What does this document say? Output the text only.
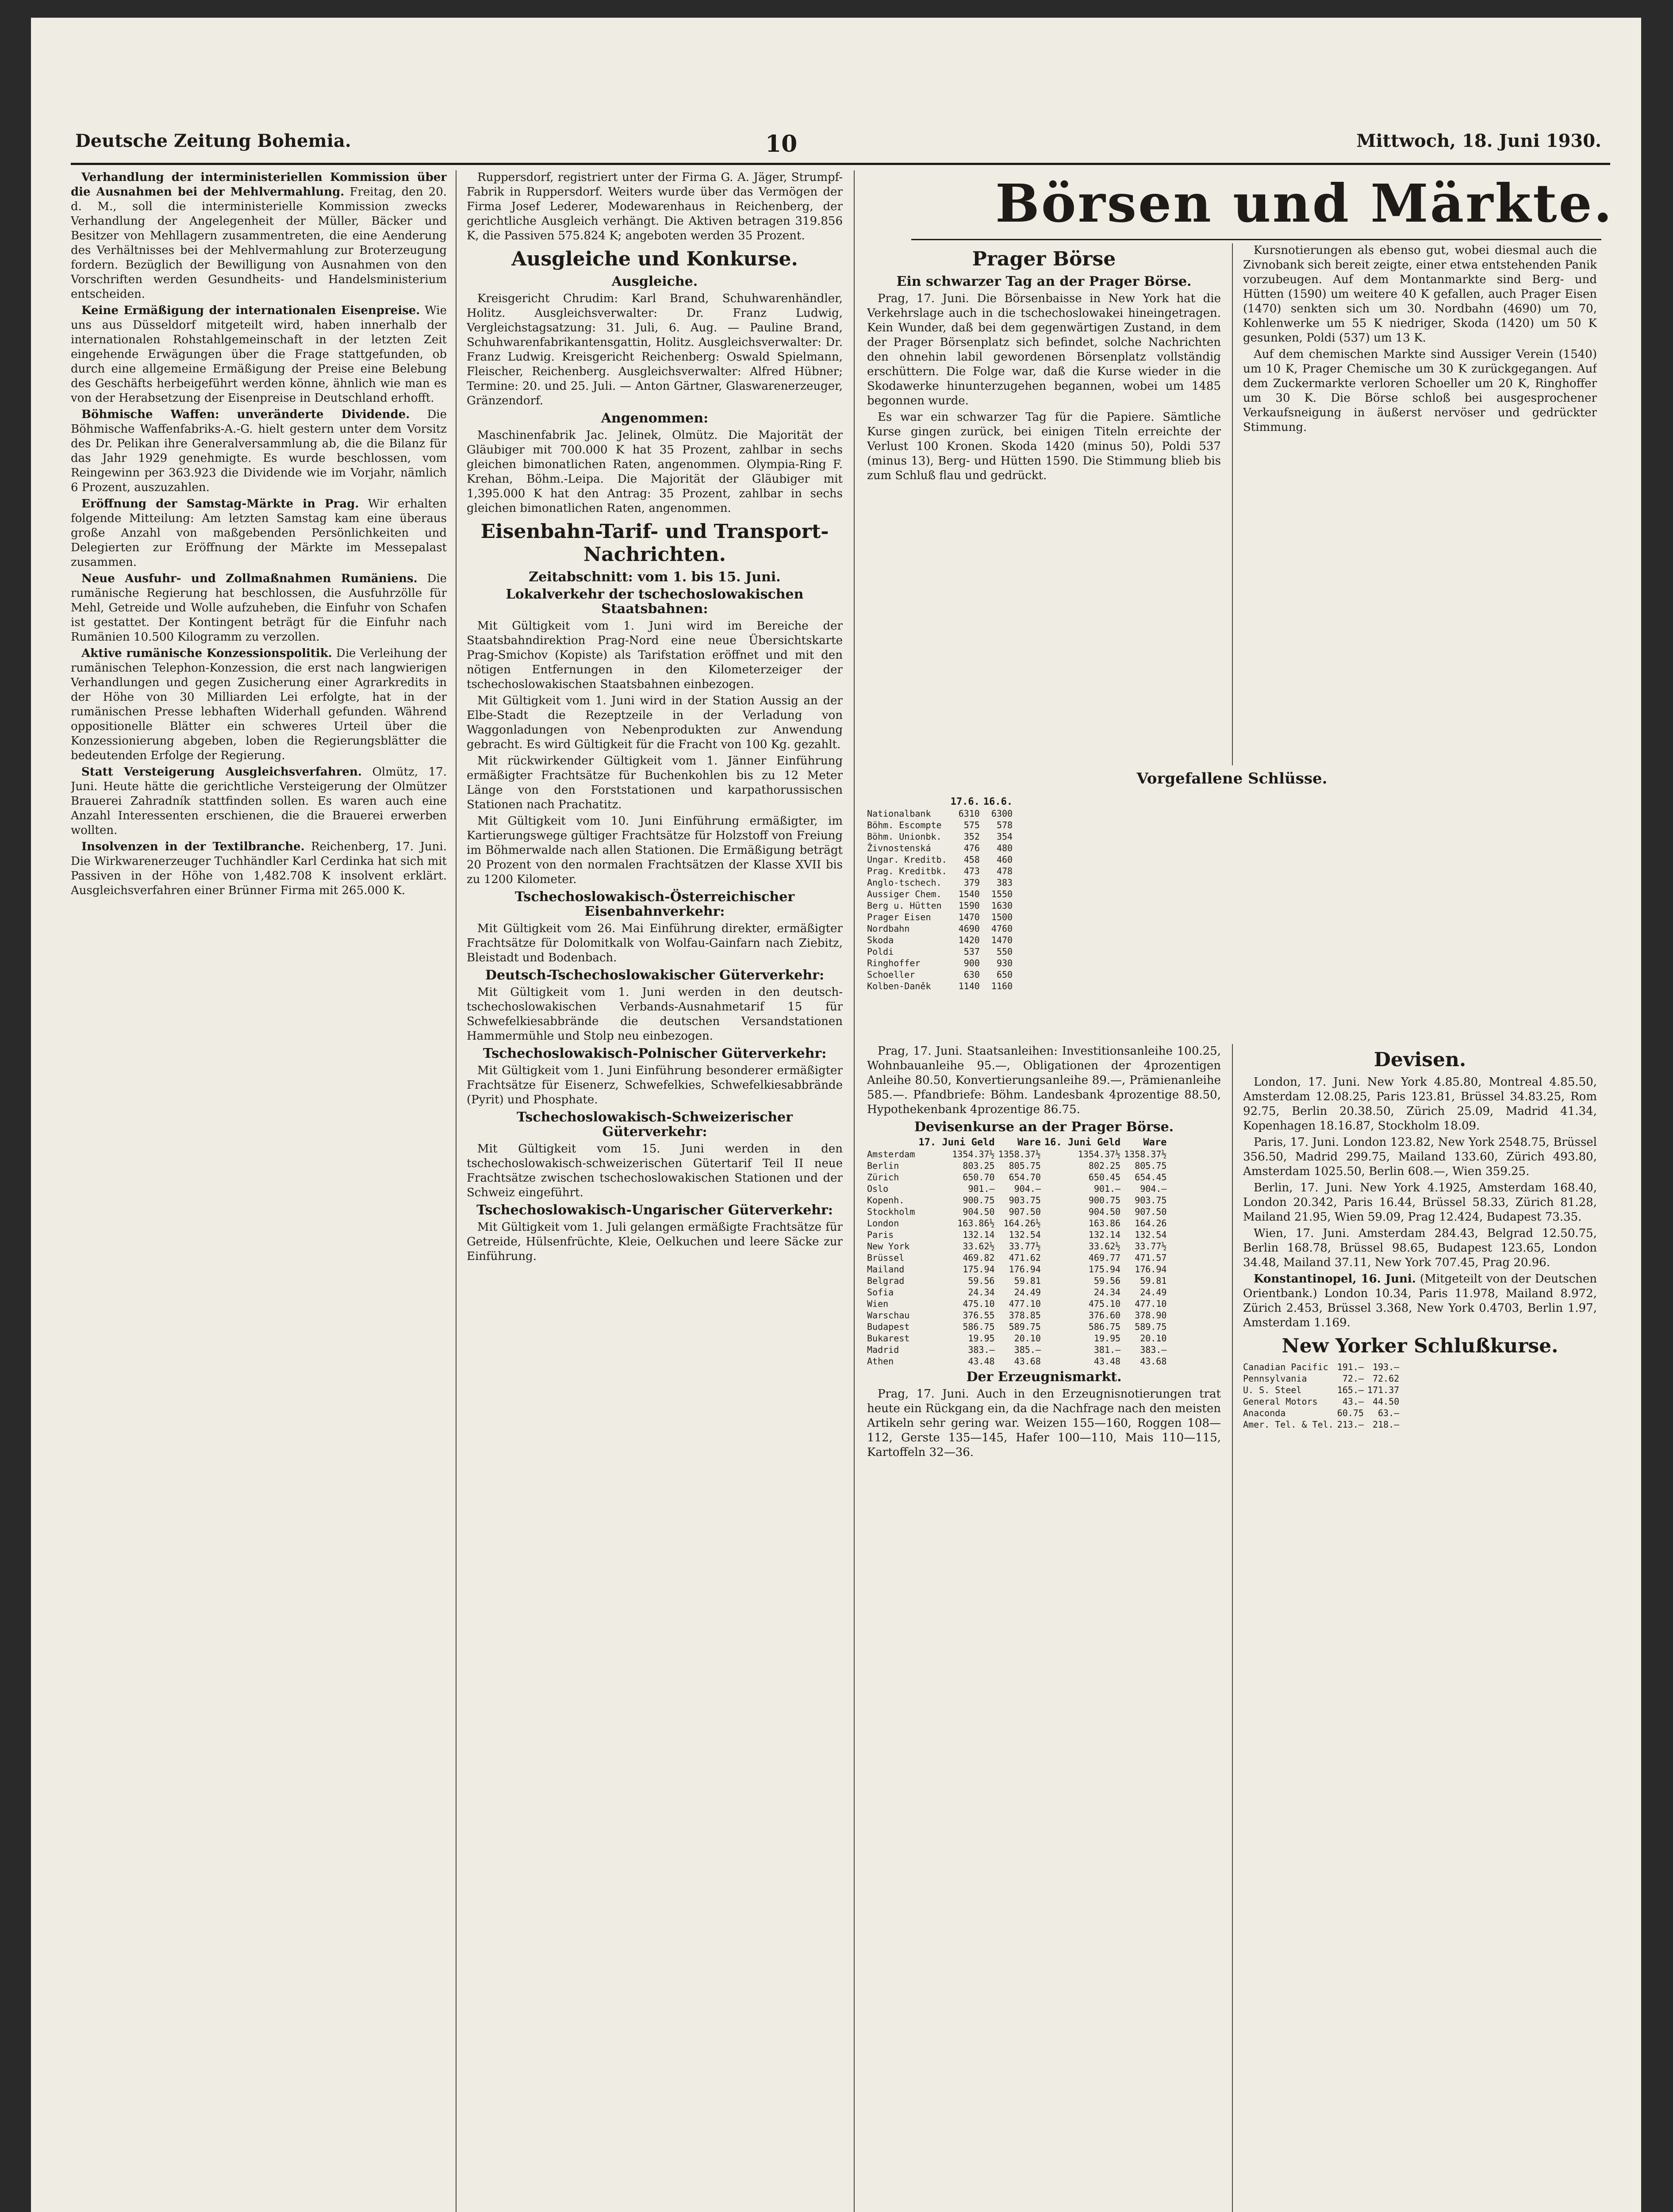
Deutsche Zeitung Bohemia.	10	Mittwoch, 18. Juni 1930.

Verhandlung der interministeriellen Kommission über die Ausnahmen bei der Mehlvermahlung. Freitag, den 20. d. M., soll die interministerielle Kommission zwecks Verhandlung der Angelegenheit der Müller, Bäcker und Besitzer von Mehllagern zusammentreten, die eine Aenderung des Verhältnisses bei der Mehlvermahlung zur Broterzeugung fordern. Bezüglich der Bewilligung von Ausnahmen von den Vorschriften werden Gesundheits- und Handelsministerium entscheiden.

Keine Ermäßigung der internationalen Eisenpreise. Wie uns aus Düsseldorf mitgeteilt wird, haben innerhalb der internationalen Rohstahlgemeinschaft in der letzten Zeit eingehende Erwägungen über die Frage stattgefunden, ob durch eine allgemeine Ermäßigung der Preise eine Belebung des Geschäfts herbeigeführt werden könne, ähnlich wie man es von der Herabsetzung der Eisenpreise in Deutschland erhofft.

Böhmische Waffen: unveränderte Dividende. Die Böhmische Waffenfabriks-A.-G. hielt gestern unter dem Vorsitz des Dr. Pelikan ihre Generalversammlung ab, die die Bilanz für das Jahr 1929 genehmigte. Es wurde beschlossen, vom Reingewinn per 363.923 die Dividende wie im Vorjahr, nämlich 6 Prozent, auszuzahlen.

Eröffnung der Samstag-Märkte in Prag. Wir erhalten folgende Mitteilung: Am letzten Samstag kam eine überaus große Anzahl von maßgebenden Persönlichkeiten und Delegierten zur Eröffnung der Märkte im Messepalast zusammen.

Neue Ausfuhr- und Zollmaßnahmen Rumäniens. Die rumänische Regierung hat beschlossen, die Ausfuhrzölle für Mehl, Getreide und Wolle aufzuheben, die Einfuhr von Schafen ist gestattet. Der Kontingent beträgt für die Einfuhr nach Rumänien 10.500 Kilogramm zu verzollen.

Aktive rumänische Konzessionspolitik. Die Verleihung der rumänischen Telephon-Konzession, die erst nach langwierigen Verhandlungen und gegen Zusicherung einer Agrarkredits in der Höhe von 30 Milliarden Lei erfolgte, hat in der rumänischen Presse lebhaften Widerhall gefunden. Während oppositionelle Blätter ein schweres Urteil über die Konzessionierung abgeben, loben die Regierungsblätter die bedeutenden Erfolge der Regierung.

Statt Versteigerung Ausgleichsverfahren. Olmütz, 17. Juni. Heute hätte die gerichtliche Versteigerung der Olmützer Brauerei Zahradník stattfinden sollen. Es waren auch eine Anzahl Interessenten erschienen, die die Brauerei erwerben wollten.

Insolvenzen in der Textilbranche. Reichenberg, 17. Juni. Die Wirkwarenerzeuger Tuchhändler Karl Cerdinka hat sich mit Passiven in der Höhe von 1,482.708 K insolvent erklärt. Ausgleichsverfahren einer Brünner Firma mit 265.000 K.

Ruppersdorf, registriert unter der Firma G. A. Jäger, Strumpf-Fabrik in Ruppersdorf. Weiters wurde über das Vermögen der Firma Josef Lederer, Modewarenhaus in Reichenberg, der gerichtliche Ausgleich verhängt. Die Aktiven betragen 319.856 K, die Passiven 575.824 K; angeboten werden 35 Prozent.

Ausgleiche und Konkurse.
Ausgleiche.

Kreisgericht Chrudim: Karl Brand, Schuhwarenhändler, Holitz. Ausgleichsverwalter: Dr. Franz Ludwig, Vergleichstagsatzung: 31. Juli, 6. Aug. — Pauline Brand, Schuhwarenfabrikantensgattin, Holitz. Ausgleichsverwalter: Dr. Franz Ludwig. Kreisgericht Reichenberg: Oswald Spielmann, Fleischer, Reichenberg. Ausgleichsverwalter: Alfred Hübner; Termine: 20. und 25. Juli. — Anton Gärtner, Glaswarenerzeuger, Gränzendorf.

Angenommen:

Maschinenfabrik Jac. Jelinek, Olmütz. Die Majorität der Gläubiger mit 700.000 K hat 35 Prozent, zahlbar in sechs gleichen bimonatlichen Raten, angenommen. Olympia-Ring F. Krehan, Böhm.-Leipa. Die Majorität der Gläubiger mit 1,395.000 K hat den Antrag: 35 Prozent, zahlbar in sechs gleichen bimonatlichen Raten, angenommen.

Eisenbahn-Tarif- und Transport-Nachrichten.
Zeitabschnitt: vom 1. bis 15. Juni.
Lokalverkehr der tschechoslowakischen Staatsbahnen:

Mit Gültigkeit vom 1. Juni wird im Bereiche der Staatsbahndirektion Prag-Nord eine neue Übersichtskarte Prag-Smichov (Kopiste) als Tarifstation eröffnet und mit den nötigen Entfernungen in den Kilometerzeiger der tschechoslowakischen Staatsbahnen einbezogen.

Mit Gültigkeit vom 1. Juni wird in der Station Aussig an der Elbe-Stadt die Rezeptzeile in der Verladung von Waggonladungen von Nebenprodukten zur Anwendung gebracht. Es wird Gültigkeit für die Fracht von 100 Kg. gezahlt.

Mit rückwirkender Gültigkeit vom 1. Jänner Einführung ermäßigter Frachtsätze für Buchenkohlen bis zu 12 Meter Länge von den Forststationen und karpathorussischen Stationen nach Prachatitz.

Mit Gültigkeit vom 10. Juni Einführung ermäßigter, im Kartierungswege gültiger Frachtsätze für Holzstoff von Freiung im Böhmerwalde nach allen Stationen. Die Ermäßigung beträgt 20 Prozent von den normalen Frachtsätzen der Klasse XVII bis zu 1200 Kilometer.

Tschechoslowakisch-Österreichischer Eisenbahnverkehr:

Mit Gültigkeit vom 26. Mai Einführung direkter, ermäßigter Frachtsätze für Dolomitkalk von Wolfau-Gainfarn nach Ziebitz, Bleistadt und Bodenbach.

Deutsch-Tschechoslowakischer Güterverkehr:

Mit Gültigkeit vom 1. Juni werden in den deutsch-tschechoslowakischen Verbands-Ausnahmetarif 15 für Schwefelkiesabbrände die deutschen Versandstationen Hammermühle und Stolp neu einbezogen.

Tschechoslowakisch-Polnischer Güterverkehr:

Mit Gültigkeit vom 1. Juni Einführung besonderer ermäßigter Frachtsätze für Eisenerz, Schwefelkies, Schwefelkiesabbrände (Pyrit) und Phosphate.

Tschechoslowakisch-Schweizerischer Güterverkehr:

Mit Gültigkeit vom 15. Juni werden in den tschechoslowakisch-schweizerischen Gütertarif Teil II neue Frachtsätze zwischen tschechoslowakischen Stationen und der Schweiz eingeführt.

Tschechoslowakisch-Ungarischer Güterverkehr:

Mit Gültigkeit vom 1. Juli gelangen ermäßigte Frachtsätze für Getreide, Hülsenfrüchte, Kleie, Oelkuchen und leere Säcke zur Einführung.

Börsen und Märkte.
Prager Börse
Ein schwarzer Tag an der Prager Börse.

Prag, 17. Juni. Die Börsenbaisse in New York hat die Verkehrslage auch in die tschechoslowakei hineingetragen. Kein Wunder, daß bei dem gegenwärtigen Zustand, in dem der Prager Börsenplatz sich befindet, solche Nachrichten den ohnehin labil gewordenen Börsenplatz vollständig erschüttern. Die Folge war, daß die Kurse wieder in die Skodawerke hinunterzugehen begannen, wobei um 1485 begonnen wurde.

Es war ein schwarzer Tag für die Papiere. Sämtliche Kurse gingen zurück, bei einigen Titeln erreichte der Verlust 100 Kronen. Skoda 1420 (minus 50), Poldi 537 (minus 13), Berg- und Hütten 1590. Die Stimmung blieb bis zum Schluß flau und gedrückt.

Kursnotierungen als ebenso gut, wobei diesmal auch die Zivnobank sich bereit zeigte, einer etwa entstehenden Panik vorzubeugen. Auf dem Montanmarkte sind Berg- und Hütten (1590) um weitere 40 K gefallen, auch Prager Eisen (1470) senkten sich um 30. Nordbahn (4690) um 70, Kohlenwerke um 55 K niedriger, Skoda (1420) um 50 K gesunken, Poldi (537) um 13 K.

Auf dem chemischen Markte sind Aussiger Verein (1540) um 10 K, Prager Chemische um 30 K zurückgegangen. Auf dem Zuckermarkte verloren Schoeller um 20 K, Ringhoffer um 30 K. Die Börse schloß bei ausgesprochener Verkaufsneigung in äußerst nervöser und gedrückter Stimmung.

Vorgefallene Schlüsse.
	17.6.	16.6.
Nationalbank	6310	6300
Böhm. Escompte	575	578
Böhm. Unionbk.	352	354
Živnostenská	476	480
Ungar. Kreditb.	458	460
Prag. Kreditbk.	473	478
Anglo-tschech.	379	383
Aussiger Chem.	1540	1550
Berg u. Hütten	1590	1630
Prager Eisen	1470	1500
Nordbahn	4690	4760
Skoda	1420	1470
Poldi	537	550
Ringhoffer	900	930
Schoeller	630	650
Kolben-Daněk	1140	1160

Prag, 17. Juni. Staatsanleihen: Investitionsanleihe 100.25, Wohnbauanleihe 95.—, Obligationen der 4prozentigen Anleihe 80.50, Konvertierungsanleihe 89.—, Prämienanleihe 585.—. Pfandbriefe: Böhm. Landesbank 4prozentige 88.50, Hypothekenbank 4prozentige 86.75.

Devisenkurse an der Prager Börse.
	17. Juni Geld	Ware	16. Juni Geld	Ware
Amsterdam	1354.37½	1358.37½	1354.37½	1358.37½
Berlin	803.25	805.75	802.25	805.75
Zürich	650.70	654.70	650.45	654.45
Oslo	901.—	904.—	901.—	904.—
Kopenh.	900.75	903.75	900.75	903.75
Stockholm	904.50	907.50	904.50	907.50
London	163.86½	164.26½	163.86	164.26
Paris	132.14	132.54	132.14	132.54
New York	33.62½	33.77½	33.62½	33.77½
Brüssel	469.82	471.62	469.77	471.57
Mailand	175.94	176.94	175.94	176.94
Belgrad	59.56	59.81	59.56	59.81
Sofia	24.34	24.49	24.34	24.49
Wien	475.10	477.10	475.10	477.10
Warschau	376.55	378.85	376.60	378.90
Budapest	586.75	589.75	586.75	589.75
Bukarest	19.95	20.10	19.95	20.10
Madrid	383.—	385.—	381.—	383.—
Athen	43.48	43.68	43.48	43.68
Der Erzeugnismarkt.

Prag, 17. Juni. Auch in den Erzeugnisnotierungen trat heute ein Rückgang ein, da die Nachfrage nach den meisten Artikeln sehr gering war. Weizen 155—160, Roggen 108—112, Gerste 135—145, Hafer 100—110, Mais 110—115, Kartoffeln 32—36.

Devisen.

London, 17. Juni. New York 4.85.80, Montreal 4.85.50, Amsterdam 12.08.25, Paris 123.81, Brüssel 34.83.25, Rom 92.75, Berlin 20.38.50, Zürich 25.09, Madrid 41.34, Kopenhagen 18.16.87, Stockholm 18.09.

Paris, 17. Juni. London 123.82, New York 2548.75, Brüssel 356.50, Madrid 299.75, Mailand 133.60, Zürich 493.80, Amsterdam 1025.50, Berlin 608.—, Wien 359.25.

Berlin, 17. Juni. New York 4.1925, Amsterdam 168.40, London 20.342, Paris 16.44, Brüssel 58.33, Zürich 81.28, Mailand 21.95, Wien 59.09, Prag 12.424, Budapest 73.35.

Wien, 17. Juni. Amsterdam 284.43, Belgrad 12.50.75, Berlin 168.78, Brüssel 98.65, Budapest 123.65, London 34.48, Mailand 37.11, New York 707.45, Prag 20.96.

Konstantinopel, 16. Juni. (Mitgeteilt von der Deutschen Orientbank.) London 10.34, Paris 11.978, Mailand 8.972, Zürich 2.453, Brüssel 3.368, New York 0.4703, Berlin 1.97, Amsterdam 1.169.

New Yorker Schlußkurse.
Canadian Pacific	191.—	193.—
Pennsylvania	72.—	72.62
U. S. Steel	165.—	171.37
General Motors	43.—	44.50
Anaconda	60.75	63.—
Amer. Tel. & Tel.	213.—	218.—
